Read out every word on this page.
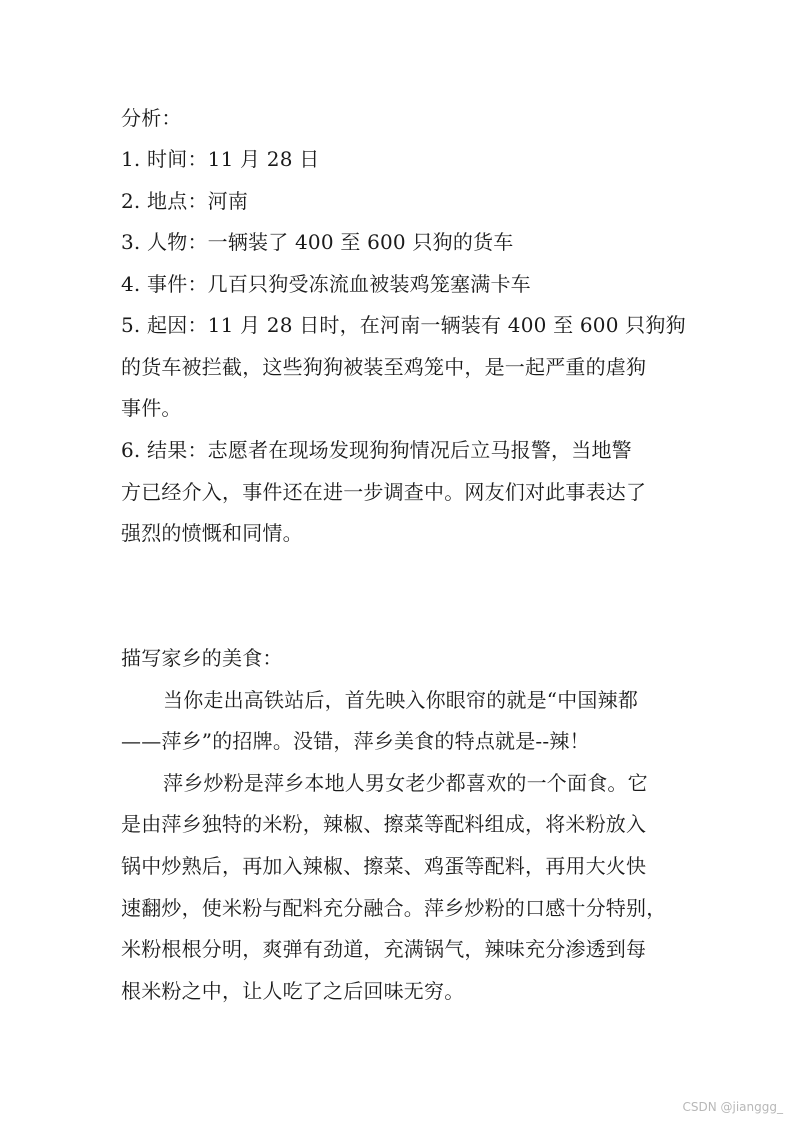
分析：
1. 时间：11 月 28 日
2. 地点：河南
3. 人物：一辆装了 400 至 600 只狗的货车
4. 事件：几百只狗受冻流血被装鸡笼塞满卡车
5. 起因：11 月 28 日时，在河南一辆装有 400 至 600 只狗狗
的货车被拦截，这些狗狗被装至鸡笼中，是一起严重的虐狗
事件。
6. 结果：志愿者在现场发现狗狗情况后立马报警，当地警
方已经介入，事件还在进一步调查中。网友们对此事表达了
强烈的愤慨和同情。
描写家乡的美食：
当你走出高铁站后，首先映入你眼帘的就是“中国辣都
——萍乡”的招牌。没错，萍乡美食的特点就是--辣！
萍乡炒粉是萍乡本地人男女老少都喜欢的一个面食。它
是由萍乡独特的米粉，辣椒、擦菜等配料组成，将米粉放入
锅中炒熟后，再加入辣椒、擦菜、鸡蛋等配料，再用大火快
速翻炒，使米粉与配料充分融合。萍乡炒粉的口感十分特别，
米粉根根分明，爽弹有劲道，充满锅气，辣味充分渗透到每
根米粉之中，让人吃了之后回味无穷。
CSDN @jianggg_
